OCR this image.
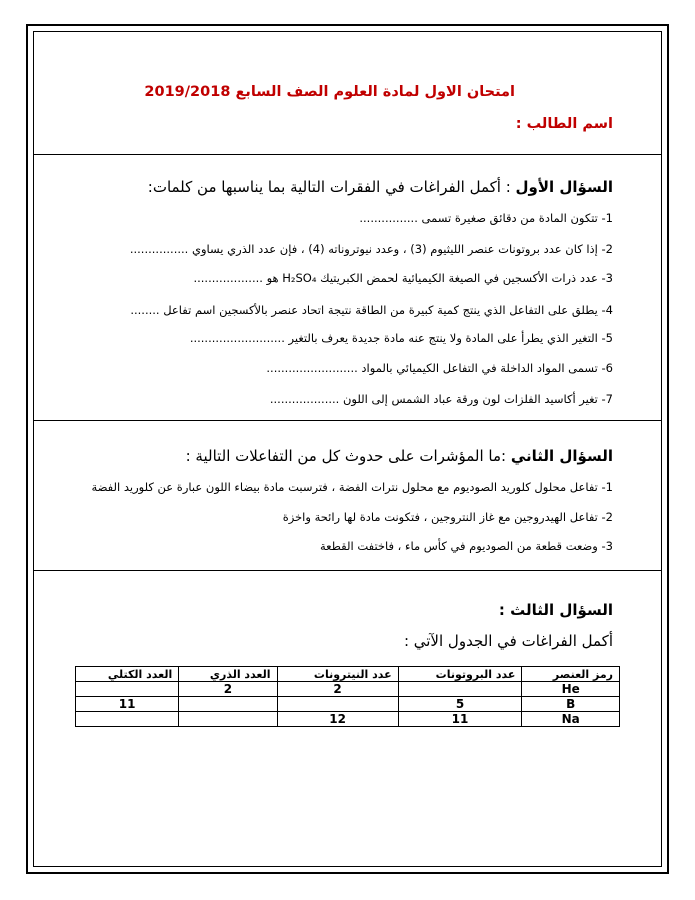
امتحان الاول لمادة العلوم الصف السابع 2019/2018
اسم الطالب :
السؤال الأول : أكمل الفراغات في الفقرات التالية بما يناسبها من كلمات:
1- تتكون المادة من دقائق صغيرة تسمى ................
2- إذا كان عدد بروتونات عنصر الليثيوم (3) ، وعدد نيوتروناته (4) ، فإن عدد الذري يساوي ................
3- عدد ذرات الأكسجين في الصيغة الكيميائية لحمض الكبريتيك H₂SO₄ هو ...................
4- يطلق على التفاعل الذي ينتج كمية كبيرة من الطاقة نتيجة اتحاد عنصر بالأكسجين اسم تفاعل ........
5- التغير الذي يطرأ على المادة ولا ينتج عنه مادة جديدة يعرف بالتغير ..........................
6- تسمى المواد الداخلة في التفاعل الكيميائي بالمواد .........................
7- تغير أكاسيد الفلزات لون ورقة عباد الشمس إلى اللون ...................
السؤال الثاني :ما المؤشرات على حدوث كل من التفاعلات التالية :
1- تفاعل محلول كلوريد الصوديوم مع محلول نترات الفضة ، فترسبت مادة بيضاء اللون عبارة عن كلوريد الفضة
2- تفاعل الهيدروجين مع غاز النتروجين ، فتكونت مادة لها رائحة واخزة
3- وضعت قطعة من الصوديوم في كأس ماء ، فاختفت القطعة
السؤال الثالث :
أكمل الفراغات في الجدول الآتي :
رمز العنصر	عدد البروتونات	عدد النيترونات	العدد الذري	العدد الكتلي
He		2	2	
B	5			11
Na	11	12		
